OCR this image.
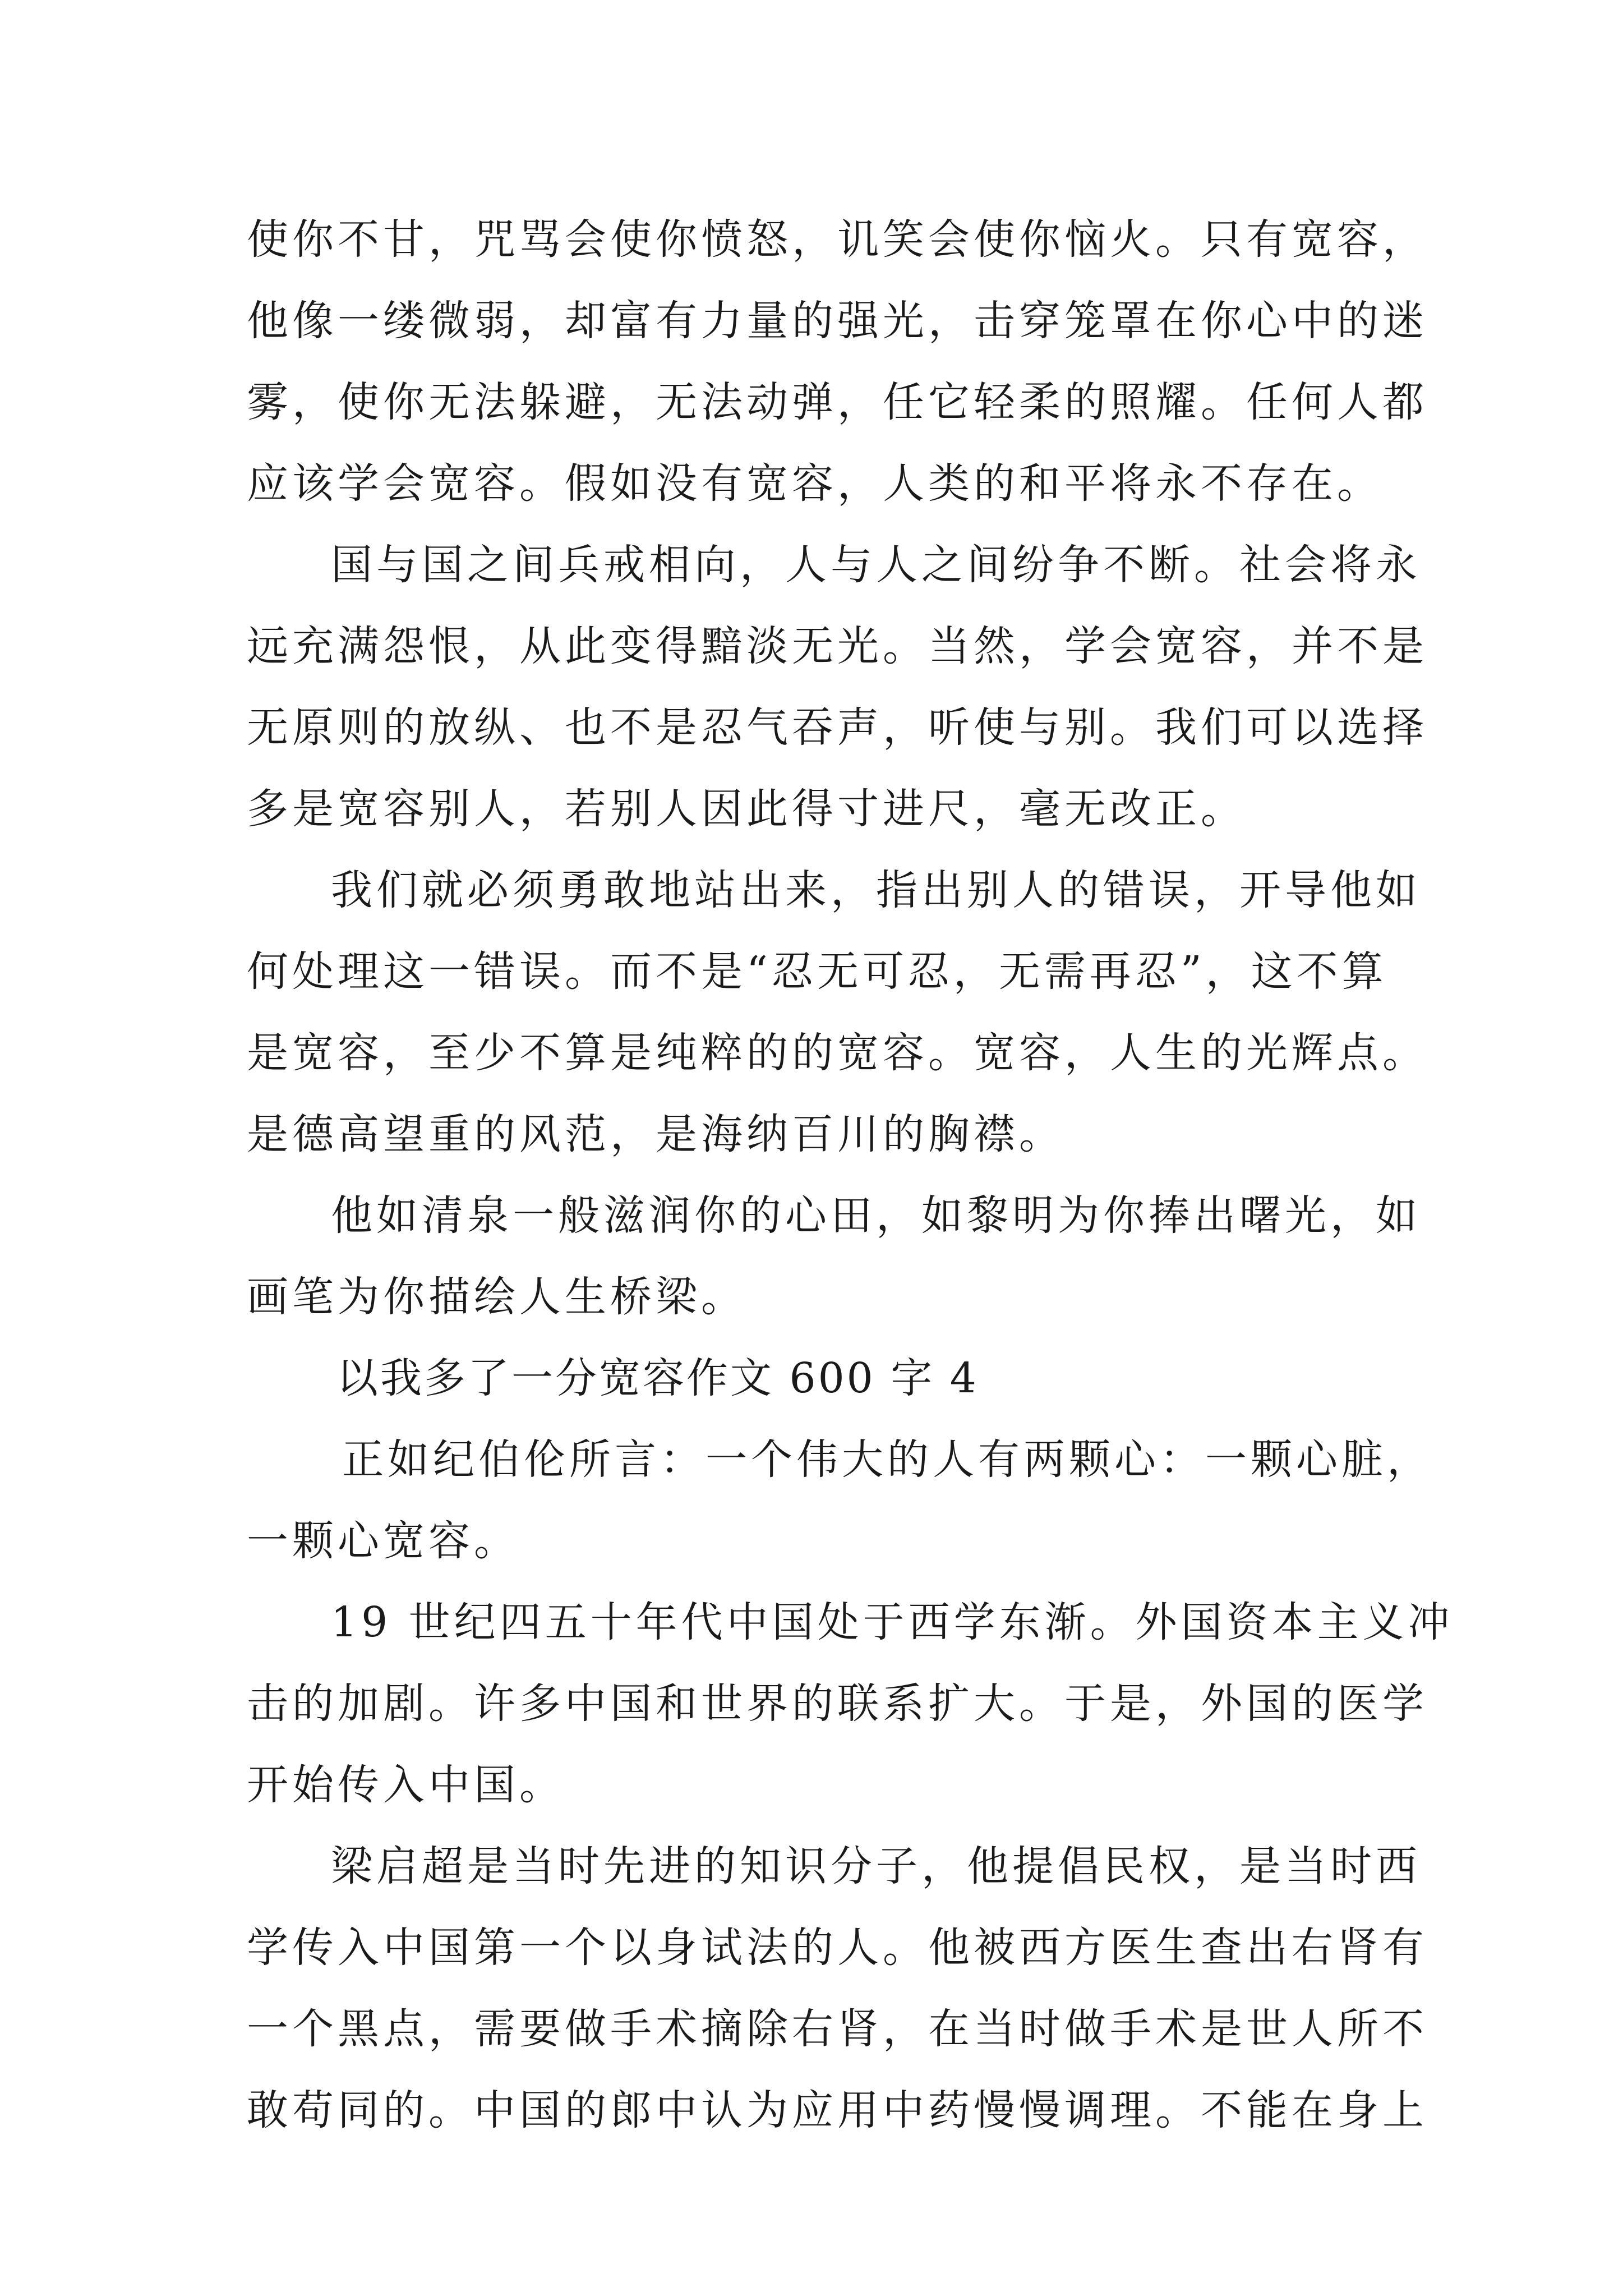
使你不甘，咒骂会使你愤怒，讥笑会使你恼火。只有宽容，
他像一缕微弱，却富有力量的强光，击穿笼罩在你心中的迷
雾，使你无法躲避，无法动弹，任它轻柔的照耀。任何人都
应该学会宽容。假如没有宽容，人类的和平将永不存在。
国与国之间兵戒相向，人与人之间纷争不断。社会将永
远充满怨恨，从此变得黯淡无光。当然，学会宽容，并不是
无原则的放纵、也不是忍气吞声，听使与别。我们可以选择
多是宽容别人，若别人因此得寸进尺，毫无改正。
我们就必须勇敢地站出来，指出别人的错误，开导他如
何处理这一错误。而不是“忍无可忍，无需再忍”，这不算
是宽容，至少不算是纯粹的的宽容。宽容，人生的光辉点。
是德高望重的风范，是海纳百川的胸襟。
他如清泉一般滋润你的心田，如黎明为你捧出曙光，如
画笔为你描绘人生桥梁。
以我多了一分宽容作文 600 字 4
正如纪伯伦所言：一个伟大的人有两颗心：一颗心脏，
一颗心宽容。
19 世纪四五十年代中国处于西学东渐。外国资本主义冲
击的加剧。许多中国和世界的联系扩大。于是，外国的医学
开始传入中国。
梁启超是当时先进的知识分子，他提倡民权，是当时西
学传入中国第一个以身试法的人。他被西方医生查出右肾有
一个黑点，需要做手术摘除右肾，在当时做手术是世人所不
敢苟同的。中国的郎中认为应用中药慢慢调理。不能在身上
